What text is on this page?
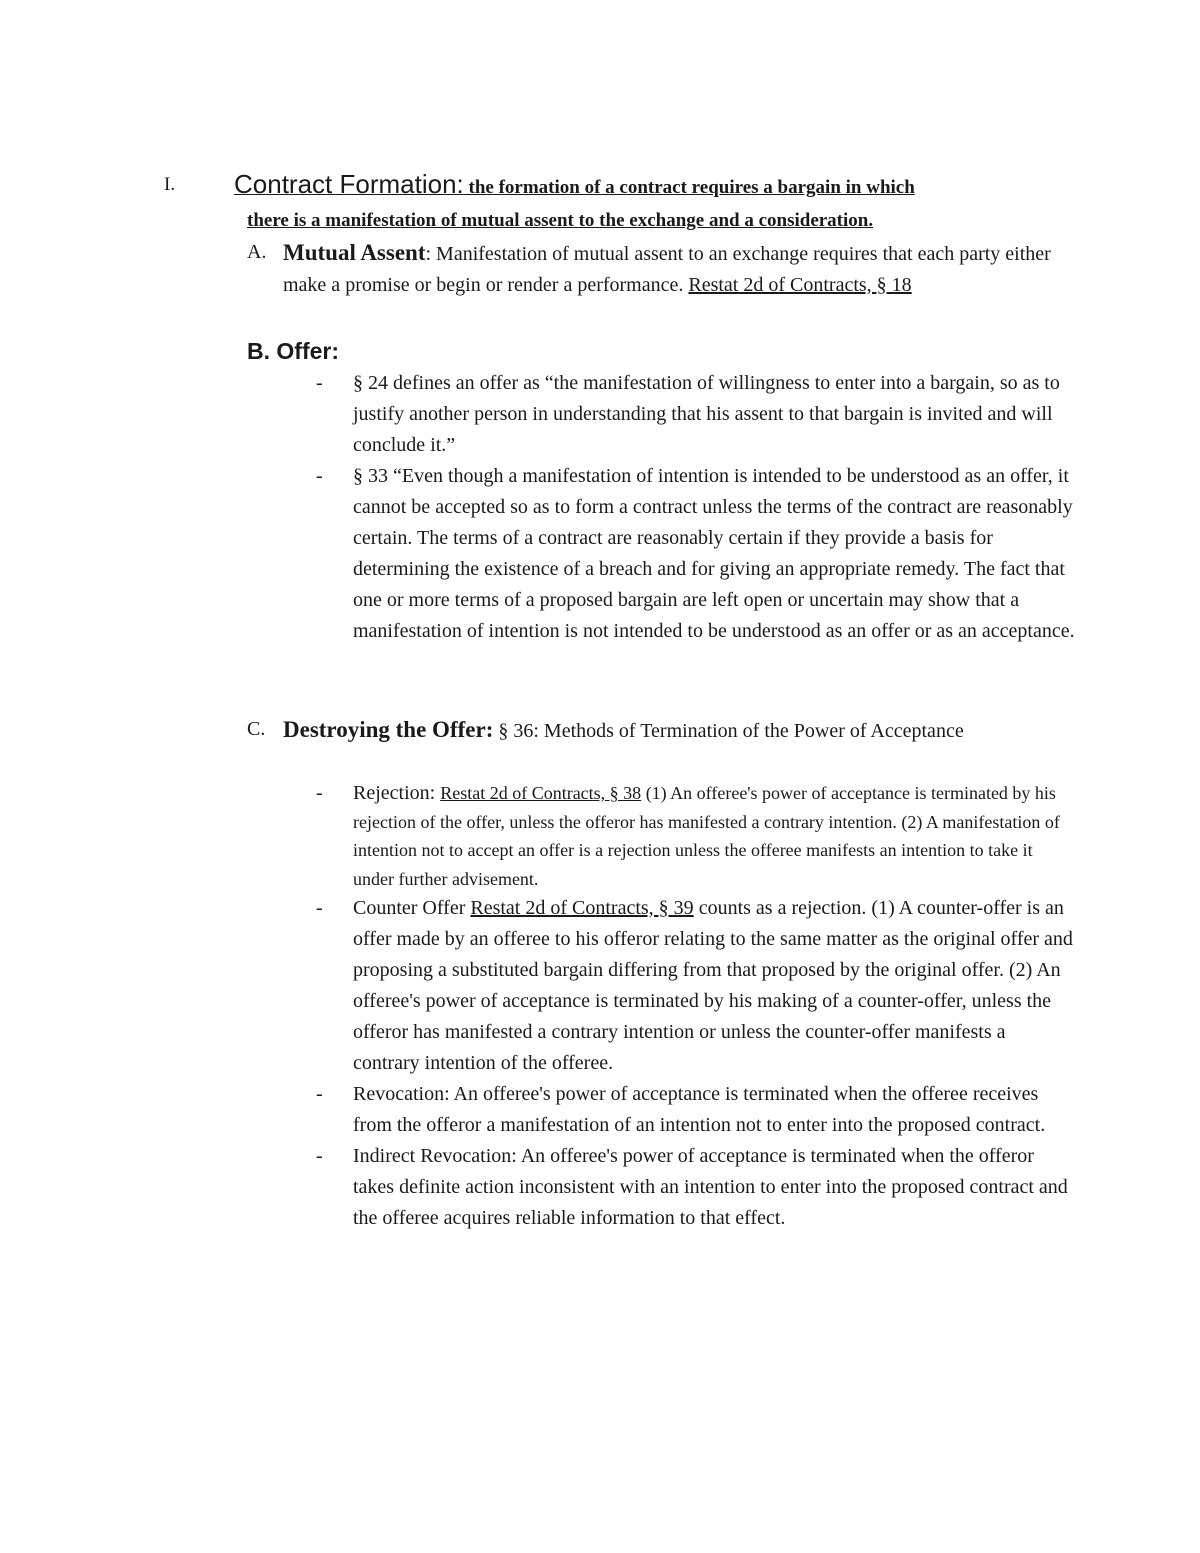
I. Contract Formation: the formation of a contract requires a bargain in which
there is a manifestation of mutual assent to the exchange and a consideration.
A. Mutual Assent: Manifestation of mutual assent to an exchange requires that each party either make a promise or begin or render a performance. Restat 2d of Contracts, § 18
B. Offer:
- § 24 defines an offer as “the manifestation of willingness to enter into a bargain, so as to justify another person in understanding that his assent to that bargain is invited and will conclude it.”
- § 33 “Even though a manifestation of intention is intended to be understood as an offer, it cannot be accepted so as to form a contract unless the terms of the contract are reasonably certain. The terms of a contract are reasonably certain if they provide a basis for determining the existence of a breach and for giving an appropriate remedy. The fact that one or more terms of a proposed bargain are left open or uncertain may show that a manifestation of intention is not intended to be understood as an offer or as an acceptance.
C. Destroying the Offer: § 36: Methods of Termination of the Power of Acceptance
- Rejection: Restat 2d of Contracts, § 38 (1) An offeree's power of acceptance is terminated by his rejection of the offer, unless the offeror has manifested a contrary intention. (2) A manifestation of intention not to accept an offer is a rejection unless the offeree manifests an intention to take it under further advisement.
- Counter Offer Restat 2d of Contracts, § 39 counts as a rejection. (1) A counter-offer is an offer made by an offeree to his offeror relating to the same matter as the original offer and proposing a substituted bargain differing from that proposed by the original offer. (2) An offeree's power of acceptance is terminated by his making of a counter-offer, unless the offeror has manifested a contrary intention or unless the counter-offer manifests a contrary intention of the offeree.
- Revocation: An offeree's power of acceptance is terminated when the offeree receives from the offeror a manifestation of an intention not to enter into the proposed contract.
- Indirect Revocation: An offeree's power of acceptance is terminated when the offeror takes definite action inconsistent with an intention to enter into the proposed contract and the offeree acquires reliable information to that effect.
